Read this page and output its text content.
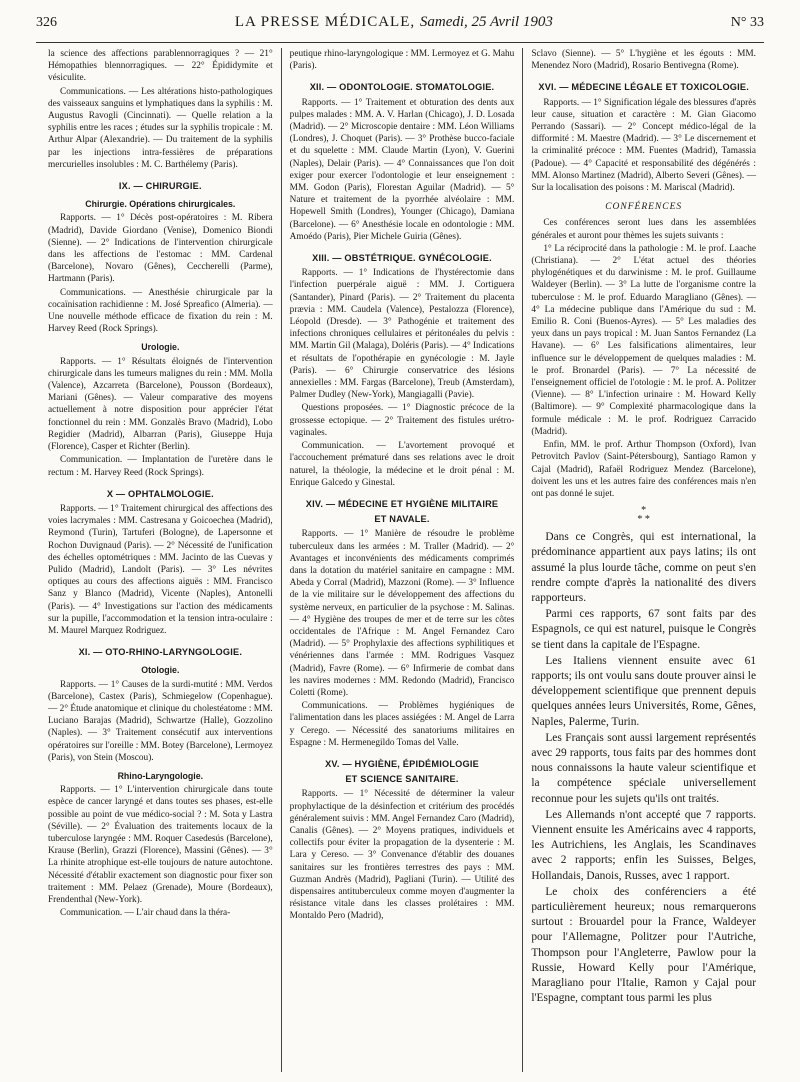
326	LA PRESSE MÉDICALE, Samedi, 25 Avril 1903	N° 33

la science des affections parablennorragiques ? — 21° Hémopathies blennorragiques. — 22° Épididymite et vésiculite.

Communications. — Les altérations histo-pathologiques des vaisseaux sanguins et lymphatiques dans la syphilis : M. Augustus Ravogli (Cincinnati). — Quelle relation a la syphilis entre les races ; études sur la syphilis tropicale : M. Arthur Alpar (Alexandrie). — Du traitement de la syphilis par les injections intra-fessières de préparations mercurielles insolubles : M. C. Barthélemy (Paris).

IX. — CHIRURGIE.
Chirurgie. Opérations chirurgicales.

Rapports. — 1° Décès post-opératoires : M. Ribera (Madrid), Davide Giordano (Venise), Domenico Biondi (Sienne). — 2° Indications de l'intervention chirurgicale dans les affections de l'estomac : MM. Cardenal (Barcelone), Novaro (Gênes), Ceccherelli (Parme), Hartmann (Paris).

Communications. — Anesthésie chirurgicale par la cocaïnisation rachidienne : M. José Spreafico (Almeria). — Une nouvelle méthode efficace de fixation du rein : M. Harvey Reed (Rock Springs).

Urologie.

Rapports. — 1° Résultats éloignés de l'intervention chirurgicale dans les tumeurs malignes du rein : MM. Molla (Valence), Azcarreta (Barcelone), Pousson (Bordeaux), Mariani (Gênes). — Valeur comparative des moyens actuellement à notre disposition pour apprécier l'état fonctionnel du rein : MM. Gonzalès Bravo (Madrid), Lobo Regidier (Madrid), Albarran (Paris), Giuseppe Huja (Florence), Casper et Richter (Berlin).

Communication. — Implantation de l'uretère dans le rectum : M. Harvey Reed (Rock Springs).

X — OPHTALMOLOGIE.

Rapports. — 1° Traitement chirurgical des affections des voies lacrymales : MM. Castresana y Goicoechea (Madrid), Reymond (Turin), Tartuferi (Bologne), de Lapersonne et Rochon Duvignaud (Paris). — 2° Nécessité de l'unification des échelles optométriques : MM. Jacinto de las Cuevas y Pulido (Madrid), Landolt (Paris). — 3° Les névrites optiques au cours des affections aiguës : MM. Francisco Sanz y Blanco (Madrid), Vicente (Naples), Antonelli (Paris). — 4° Investigations sur l'action des médicaments sur la pupille, l'accommodation et la tension intra-oculaire : M. Maurel Marquez Rodriguez.

XI. — OTO-RHINO-LARYNGOLOGIE.
Otologie.

Rapports. — 1° Causes de la surdi-mutité : MM. Verdos (Barcelone), Castex (Paris), Schmiegelow (Copenhague). — 2° Étude anatomique et clinique du cholestéatome : MM. Luciano Barajas (Madrid), Schwartze (Halle), Gozzolino (Naples). — 3° Traitement consécutif aux interventions opératoires sur l'oreille : MM. Botey (Barcelone), Lermoyez (Paris), von Stein (Moscou).

Rhino-Laryngologie.

Rapports. — 1° L'intervention chirurgicale dans toute espèce de cancer laryngé et dans toutes ses phases, est-elle possible au point de vue médico-social ? : M. Sota y Lastra (Séville). — 2° Évaluation des traitements locaux de la tuberculose laryngée : MM. Roquer Casedesús (Barcelone), Krause (Berlin), Grazzi (Florence), Massini (Gênes). — 3° La rhinite atrophique est-elle toujours de nature autochtone. Nécessité d'établir exactement son diagnostic pour fixer son traitement : MM. Pelaez (Grenade), Moure (Bordeaux), Frendenthal (New-York).

Communication. — L'air chaud dans la théra-

peutique rhino-laryngologique : MM. Lermoyez et G. Mahu (Paris).

XII. — ODONTOLOGIE. STOMATOLOGIE.

Rapports. — 1° Traitement et obturation des dents aux pulpes malades : MM. A. V. Harlan (Chicago), J. D. Losada (Madrid). — 2° Microscopie dentaire : MM. Léon Williams (Londres), J. Choquet (Paris). — 3° Prothèse bucco-faciale et du squelette : MM. Claude Martin (Lyon), V. Guerini (Naples), Delair (Paris). — 4° Connaissances que l'on doit exiger pour exercer l'odontologie et leur enseignement : MM. Godon (Paris), Florestan Aguilar (Madrid). — 5° Nature et traitement de la pyorrhée alvéolaire : MM. Hopewell Smith (Londres), Younger (Chicago), Damiana (Barcelone). — 6° Anesthésie locale en odontologie : MM. Amoédo (Paris), Pier Michele Guiria (Gênes).

XIII. — OBSTÉTRIQUE. GYNÉCOLOGIE.

Rapports. — 1° Indications de l'hystérectomie dans l'infection puerpérale aiguë : MM. J. Cortiguera (Santander), Pinard (Paris). — 2° Traitement du placenta prævia : MM. Caudela (Valence), Pestalozza (Florence), Léopold (Dresde). — 3° Pathogénie et traitement des infections chroniques cellulaires et péritonéales du pelvis : MM. Martin Gil (Malaga), Doléris (Paris). — 4° Indications et résultats de l'opothérapie en gynécologie : M. Jayle (Paris). — 6° Chirurgie conservatrice des lésions annexielles : MM. Fargas (Barcelone), Treub (Amsterdam), Palmer Dudley (New-York), Mangiagalli (Pavie).

Questions proposées. — 1° Diagnostic précoce de la grossesse ectopique. — 2° Traitement des fistules urétro-vaginales.

Communication. — L'avortement provoqué et l'accouchement prématuré dans ses relations avec le droit naturel, la théologie, la médecine et le droit pénal : M. Enrique Galcedo y Ginestal.

XIV. — MÉDECINE ET HYGIÈNE MILITAIRE
ET NAVALE.

Rapports. — 1° Manière de résoudre le problème tuberculeux dans les armées : M. Traller (Madrid). — 2° Avantages et inconvénients des médicaments comprimés dans la dotation du matériel sanitaire en campagne : MM. Abeda y Corral (Madrid), Mazzoni (Rome). — 3° Influence de la vie militaire sur le développement des affections du système nerveux, en particulier de la psychose : M. Salinas. — 4° Hygiène des troupes de mer et de terre sur les côtes occidentales de l'Afrique : M. Angel Fernandez Caro (Madrid). — 5° Prophylaxie des affections syphilitiques et vénériennes dans l'armée : MM. Rodrigues Vasquez (Madrid), Favre (Rome). — 6° Infirmerie de combat dans les navires modernes : MM. Redondo (Madrid), Francisco Coletti (Rome).

Communications. — Problèmes hygiéniques de l'alimentation dans les places assiégées : M. Angel de Larra y Cerego. — Nécessité des sanatoriums militaires en Espagne : M. Hermenegildo Tomas del Valle.

XV. — HYGIÈNE, ÉPIDÉMIOLOGIE
ET SCIENCE SANITAIRE.

Rapports. — 1° Nécessité de déterminer la valeur prophylactique de la désinfection et critérium des procédés généralement suivis : MM. Angel Fernandez Caro (Madrid), Canalis (Gênes). — 2° Moyens pratiques, individuels et collectifs pour éviter la propagation de la dysenterie : M. Lara y Cereso. — 3° Convenance d'établir des douanes sanitaires sur les frontières terrestres des pays : MM. Guzman Andrès (Madrid), Pagliani (Turin). — Utilité des dispensaires antituberculeux comme moyen d'augmenter la résistance vitale dans les classes prolétaires : MM. Montaldo Pero (Madrid),

Sclavo (Sienne). — 5° L'hygiène et les égouts : MM. Menendez Noro (Madrid), Rosario Bentivegna (Rome).

XVI. — MÉDECINE LÉGALE ET TOXICOLOGIE.

Rapports. — 1° Signification légale des blessures d'après leur cause, situation et caractère : M. Gian Giacomo Perrando (Sassari). — 2° Concept médico-légal de la difformité : M. Maestre (Madrid). — 3° Le discernement et la criminalité précoce : MM. Fuentes (Madrid), Tamassia (Padoue). — 4° Capacité et responsabilité des dégénérés : MM. Alonso Martinez (Madrid), Alberto Severi (Gênes). — Sur la localisation des poisons : M. Mariscal (Madrid).

CONFÉRENCES

Ces conférences seront lues dans les assemblées générales et auront pour thèmes les sujets suivants :

1° La réciprocité dans la pathologie : M. le prof. Laache (Christiana). — 2° L'état actuel des théories phylogénétiques et du darwinisme : M. le prof. Guillaume Waldeyer (Berlin). — 3° La lutte de l'organisme contre la tuberculose : M. le prof. Eduardo Maragliano (Gênes). — 4° La médecine publique dans l'Amérique du sud : M. Emilio R. Coni (Buenos-Ayres). — 5° Les maladies des yeux dans un pays tropical : M. Juan Santos Fernandez (La Havane). — 6° Les falsifications alimentaires, leur influence sur le développement de quelques maladies : M. le prof. Bronardel (Paris). — 7° La nécessité de l'enseignement officiel de l'otologie : M. le prof. A. Politzer (Vienne). — 8° L'infection urinaire : M. Howard Kelly (Baltimore). — 9° Complexité pharmacologique dans la formule médicale : M. le prof. Rodriguez Carracido (Madrid).

Enfin, MM. le prof. Arthur Thompson (Oxford), Ivan Petrovitch Pavlov (Saint-Pétersbourg), Santiago Ramon y Cajal (Madrid), Rafaël Rodriguez Mendez (Barcelone), doivent les uns et les autres faire des conférences mais n'en ont pas donné le sujet.

*
* *

Dans ce Congrès, qui est international, la prédominance appartient aux pays latins; ils ont assumé la plus lourde tâche, comme on peut s'en rendre compte d'après la nationalité des divers rapporteurs.

Parmi ces rapports, 67 sont faits par des Espagnols, ce qui est naturel, puisque le Congrès se tient dans la capitale de l'Espagne.

Les Italiens viennent ensuite avec 61 rapports; ils ont voulu sans doute prouver ainsi le développement scientifique que prennent depuis quelques années leurs Universités, Rome, Gênes, Naples, Palerme, Turin.

Les Français sont aussi largement représentés avec 29 rapports, tous faits par des hommes dont nous connaissons la haute valeur scientifique et la compétence spéciale universellement reconnue pour les sujets qu'ils ont traités.

Les Allemands n'ont accepté que 7 rapports. Viennent ensuite les Américains avec 4 rapports, les Autrichiens, les Anglais, les Scandinaves avec 2 rapports; enfin les Suisses, Belges, Hollandais, Danois, Russes, avec 1 rapport.

Le choix des conférenciers a été particulièrement heureux; nous remarquerons surtout : Brouardel pour la France, Waldeyer pour l'Allemagne, Politzer pour l'Autriche, Thompson pour l'Angleterre, Pawlow pour la Russie, Howard Kelly pour l'Amérique, Maragliano pour l'Italie, Ramon y Cajal pour l'Espagne, comptant tous parmi les plus
